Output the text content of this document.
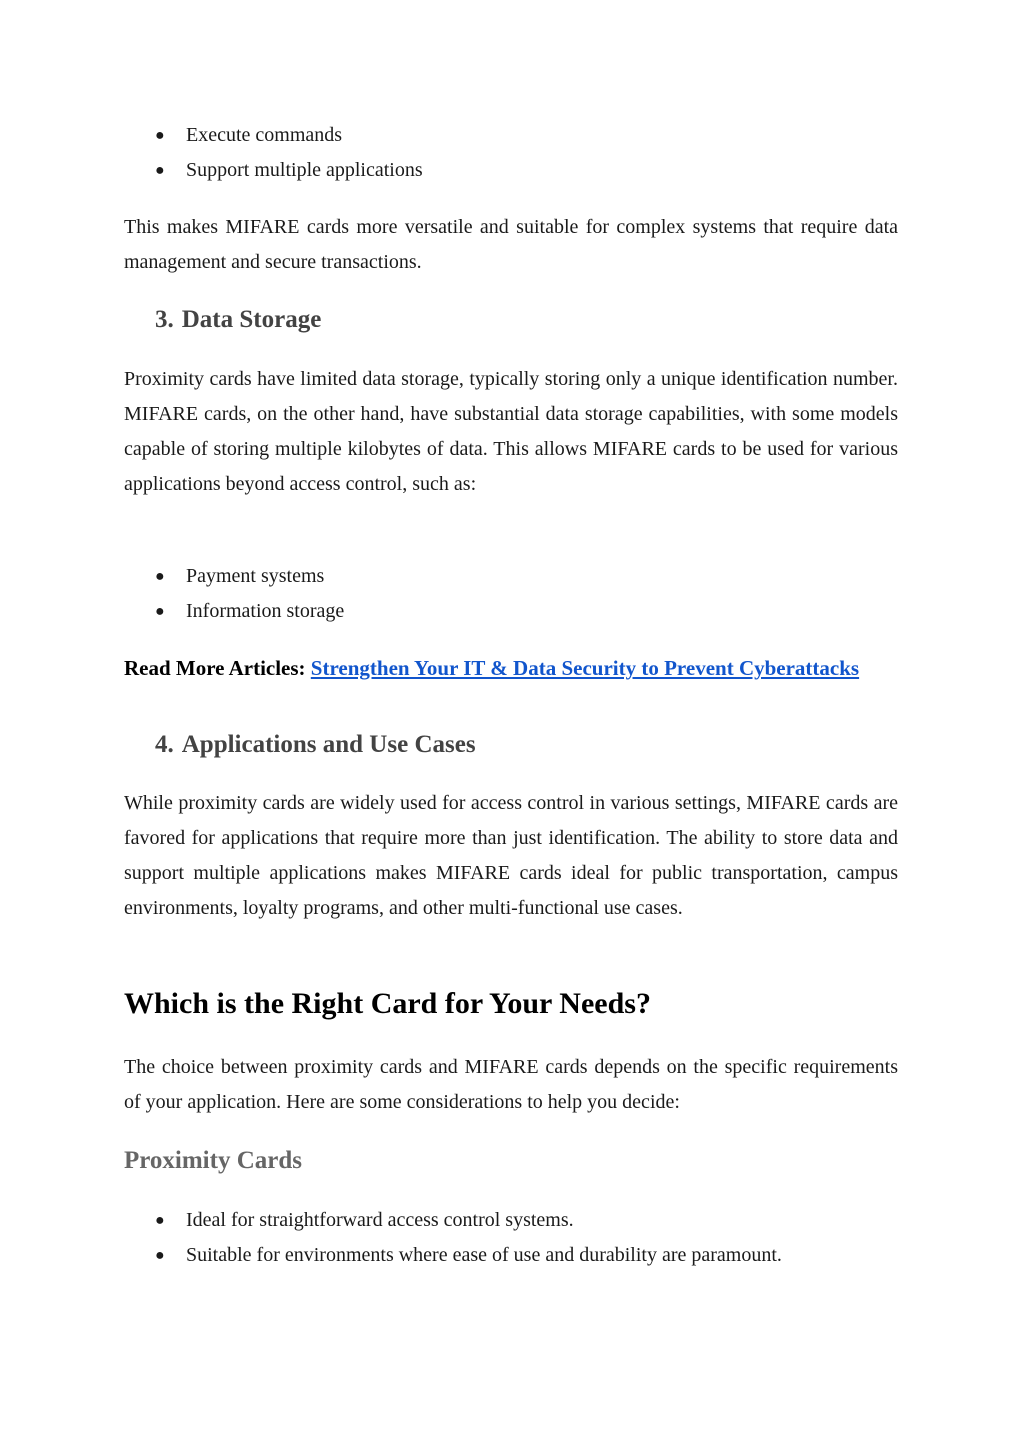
● Execute commands
● Support multiple applications

This makes MIFARE cards more versatile and suitable for complex systems that require data management and secure transactions.

3. Data Storage

Proximity cards have limited data storage, typically storing only a unique identification number. MIFARE cards, on the other hand, have substantial data storage capabilities, with some models capable of storing multiple kilobytes of data. This allows MIFARE cards to be used for various applications beyond access control, such as:

● Payment systems
● Information storage

Read More Articles: Strengthen Your IT & Data Security to Prevent Cyberattacks

4. Applications and Use Cases

While proximity cards are widely used for access control in various settings, MIFARE cards are favored for applications that require more than just identification. The ability to store data and support multiple applications makes MIFARE cards ideal for public transportation, campus environments, loyalty programs, and other multi-functional use cases.

Which is the Right Card for Your Needs?

The choice between proximity cards and MIFARE cards depends on the specific requirements of your application. Here are some considerations to help you decide:

Proximity Cards
● Ideal for straightforward access control systems.
● Suitable for environments where ease of use and durability are paramount.
